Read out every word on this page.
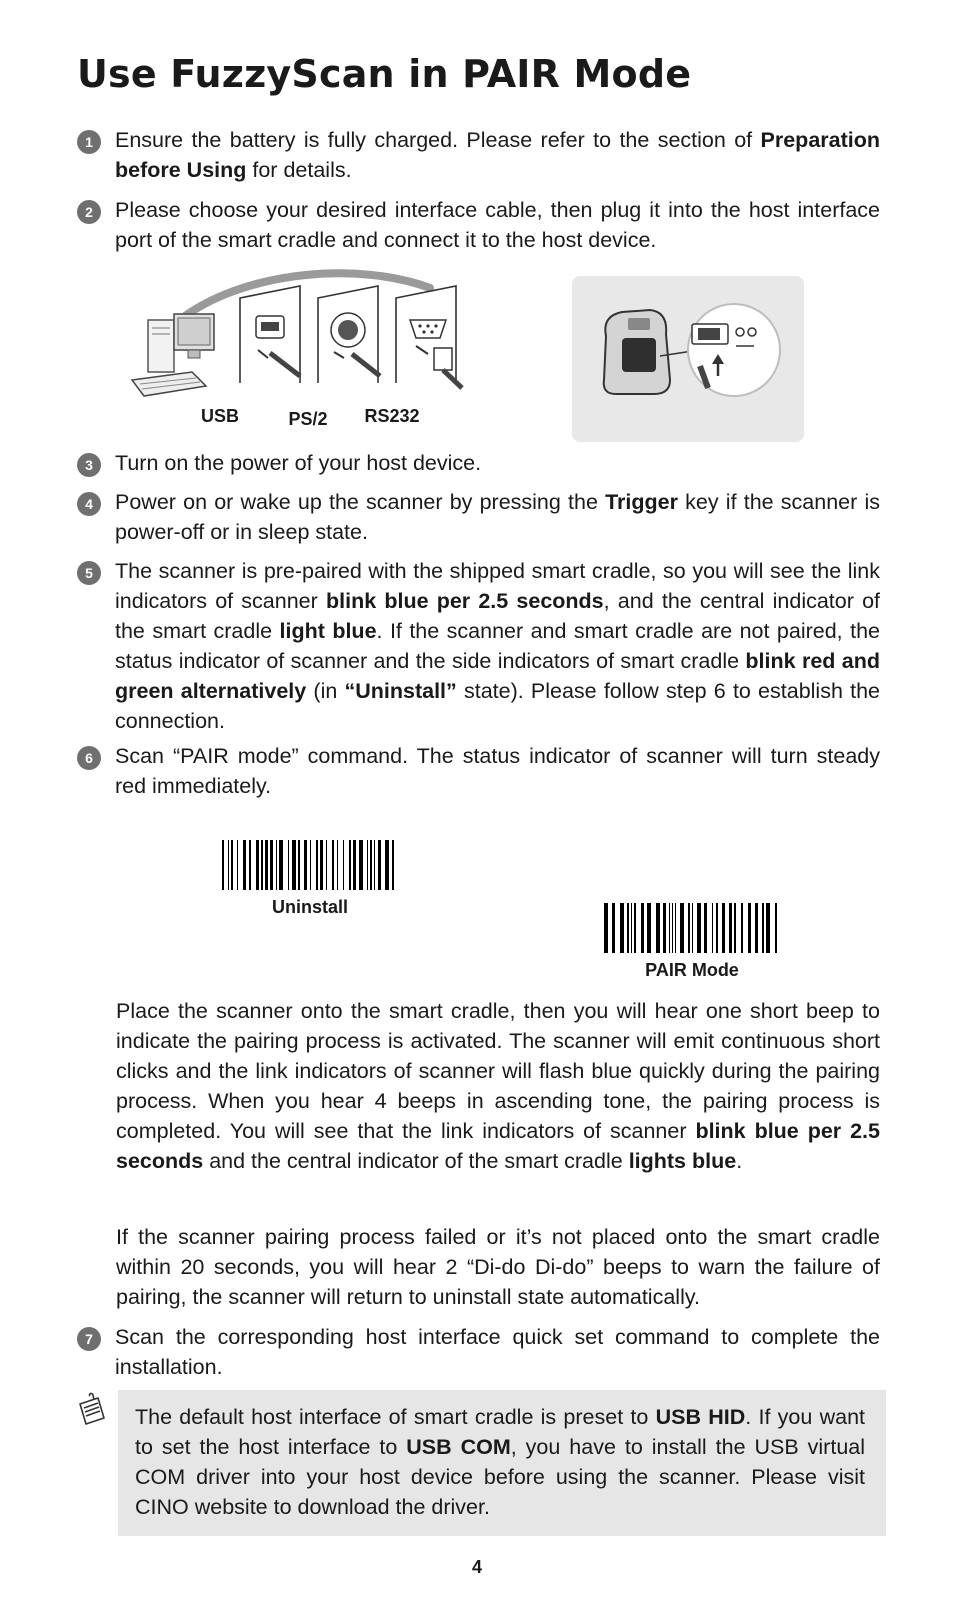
Use FuzzyScan in PAIR Mode
1	Ensure the battery is fully charged. Please refer to the section of Preparation before Using for details.
2	Please choose your desired interface cable, then plug it into the host interface port of the smart cradle and connect it to the host device.
USB	PS/2	RS232
3	Turn on the power of your host device.
4	Power on or wake up the scanner by pressing the Trigger key if the scanner is power-off or in sleep state.
5	The scanner is pre-paired with the shipped smart cradle, so you will see the link indicators of scanner blink blue per 2.5 seconds, and the central indicator of the smart cradle light blue. If the scanner and smart cradle are not paired, the status indicator of scanner and the side indicators of smart cradle blink red and green alternatively (in “Uninstall” state). Please follow step 6 to establish the connection.
6	Scan “PAIR mode” command. The status indicator of scanner will turn steady red immediately.
Uninstall
PAIR Mode
Place the scanner onto the smart cradle, then you will hear one short beep to indicate the pairing process is activated. The scanner will emit continuous short clicks and the link indicators of scanner will flash blue quickly during the pairing process. When you hear 4 beeps in ascending tone, the pairing process is completed. You will see that the link indicators of scanner blink blue per 2.5 seconds and the central indicator of the smart cradle lights blue.
If the scanner pairing process failed or it’s not placed onto the smart cradle within 20 seconds, you will hear 2 “Di-do Di-do” beeps to warn the failure of pairing, the scanner will return to uninstall state automatically.
7	Scan the corresponding host interface quick set command to complete the installation.
The default host interface of smart cradle is preset to USB HID. If you want to set the host interface to USB COM, you have to install the USB virtual COM driver into your host device before using the scanner. Please visit CINO website to download the driver.
4
